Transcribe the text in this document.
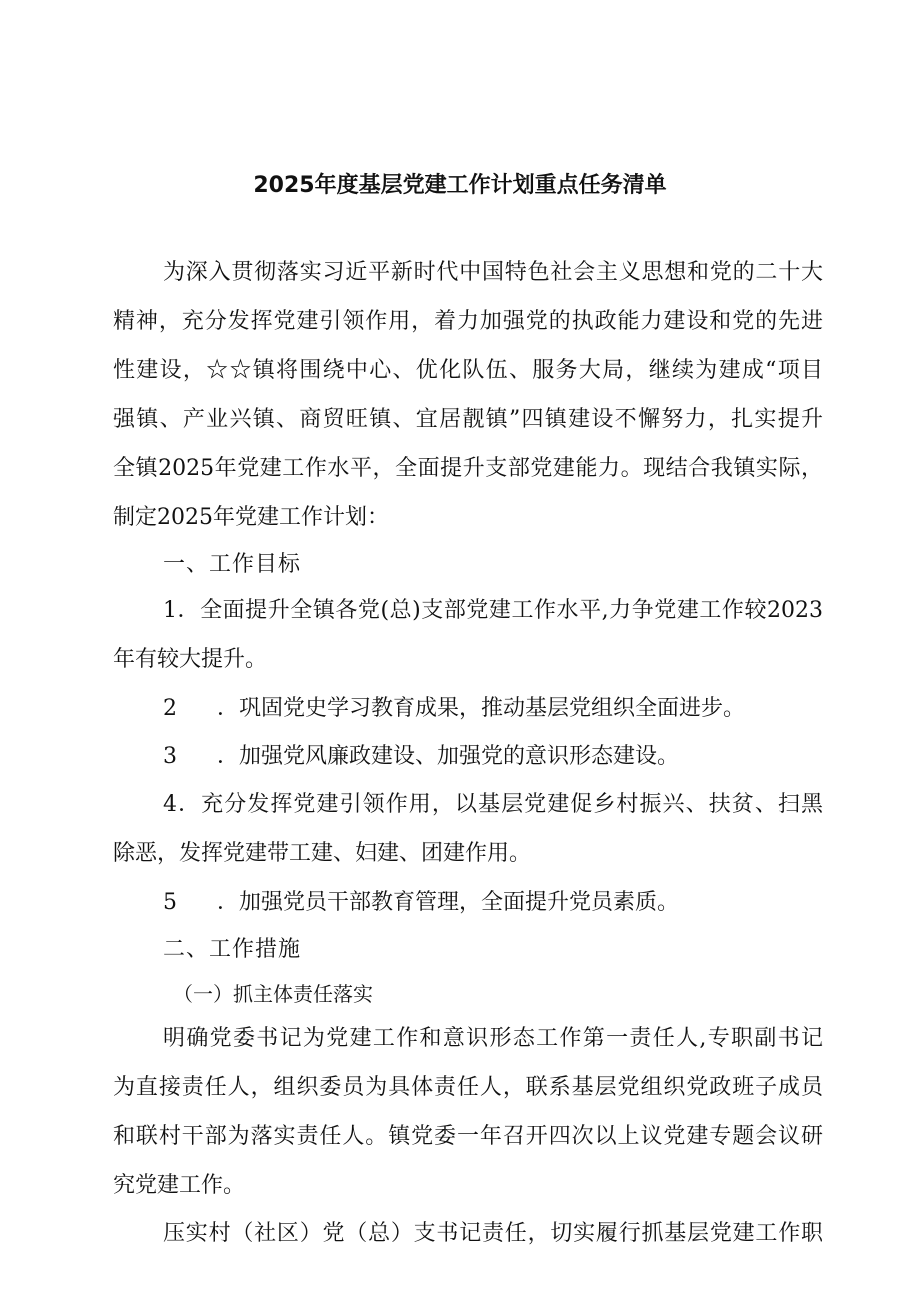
2025年度基层党建工作计划重点任务清单
为深入贯彻落实习近平新时代中国特色社会主义思想和党的二十大
精神，充分发挥党建引领作用，着力加强党的执政能力建设和党的先进
性建设，☆☆镇将围绕中心、优化队伍、服务大局，继续为建成“项目
强镇、产业兴镇、商贸旺镇、宜居靓镇”四镇建设不懈努力，扎实提升
全镇2025年党建工作水平，全面提升支部党建能力。现结合我镇实际，
制定2025年党建工作计划：
一、工作目标
1．全面提升全镇各党(总)支部党建工作水平,力争党建工作较2023
年有较大提升。
2 ．巩固党史学习教育成果，推动基层党组织全面进步。
3 ．加强党风廉政建设、加强党的意识形态建设。
4．充分发挥党建引领作用，以基层党建促乡村振兴、扶贫、扫黑
除恶，发挥党建带工建、妇建、团建作用。
5 ．加强党员干部教育管理，全面提升党员素质。
二、工作措施
（一）抓主体责任落实
明确党委书记为党建工作和意识形态工作第一责任人,专职副书记
为直接责任人，组织委员为具体责任人，联系基层党组织党政班子成员
和联村干部为落实责任人。镇党委一年召开四次以上议党建专题会议研
究党建工作。
压实村（社区）党（总）支书记责任，切实履行抓基层党建工作职
